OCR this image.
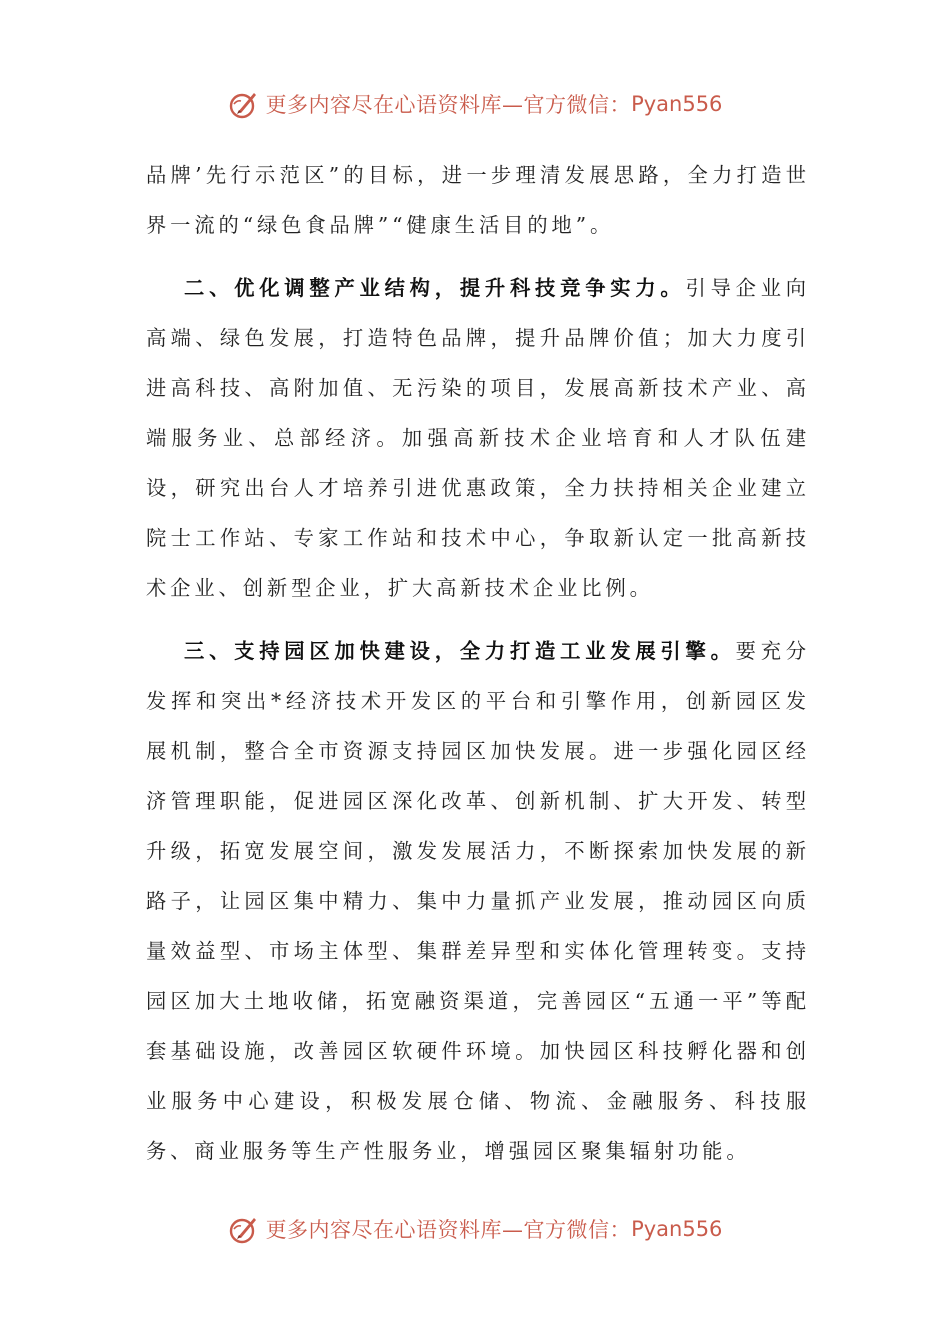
更多内容尽在心语资料库—官方微信： Pyan556

品牌’先行示范区”的目标，进一步理清发展思路，全力打造世界一流的“绿色食品牌”“健康生活目的地”。

二、优化调整产业结构，提升科技竞争实力。引导企业向高端、绿色发展，打造特色品牌，提升品牌价值；加大力度引进高科技、高附加值、无污染的项目，发展高新技术产业、高端服务业、总部经济。加强高新技术企业培育和人才队伍建设，研究出台人才培养引进优惠政策，全力扶持相关企业建立院士工作站、专家工作站和技术中心，争取新认定一批高新技术企业、创新型企业，扩大高新技术企业比例。

三、支持园区加快建设，全力打造工业发展引擎。要充分发挥和突出*经济技术开发区的平台和引擎作用，创新园区发展机制，整合全市资源支持园区加快发展。进一步强化园区经济管理职能，促进园区深化改革、创新机制、扩大开发、转型升级，拓宽发展空间，激发发展活力，不断探索加快发展的新路子，让园区集中精力、集中力量抓产业发展，推动园区向质量效益型、市场主体型、集群差异型和实体化管理转变。支持园区加大土地收储，拓宽融资渠道，完善园区“五通一平”等配套基础设施，改善园区软硬件环境。加快园区科技孵化器和创业服务中心建设，积极发展仓储、物流、金融服务、科技服务、商业服务等生产性服务业，增强园区聚集辐射功能。

更多内容尽在心语资料库—官方微信： Pyan556
